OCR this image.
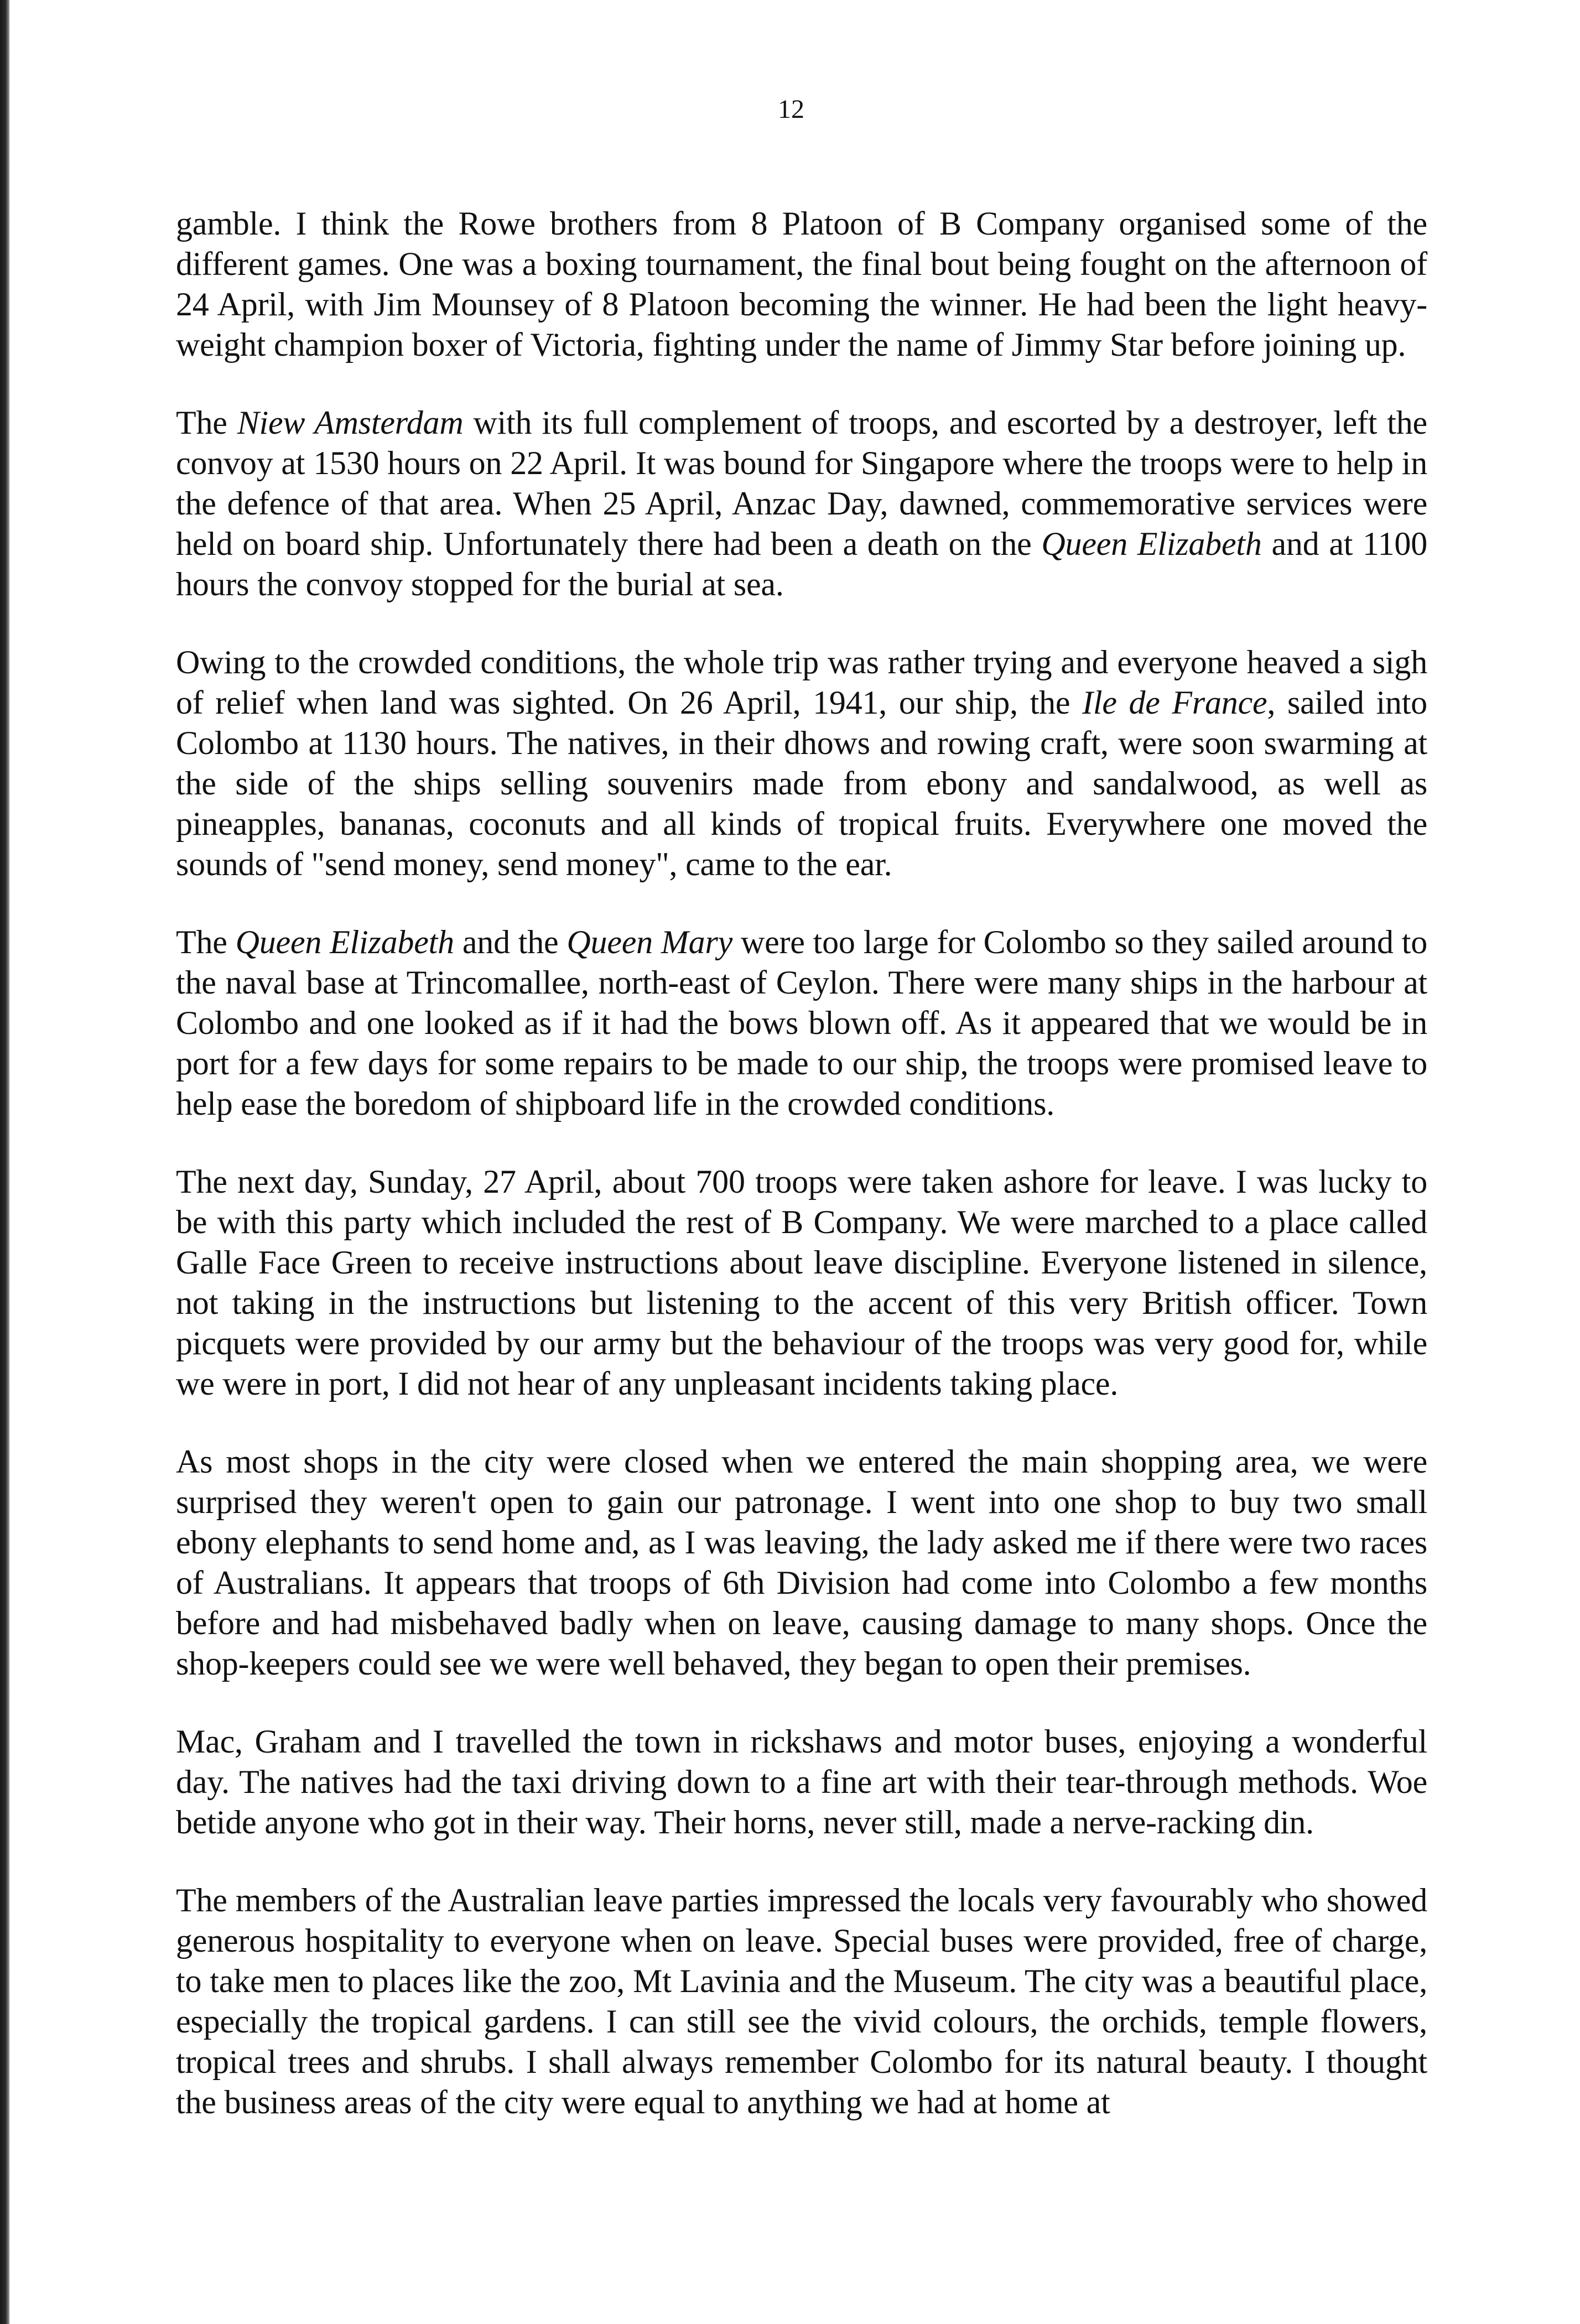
12

gamble. I think the Rowe brothers from 8 Platoon of B Company organised some of the different games. One was a boxing tournament, the final bout being fought on the afternoon of 24 April, with Jim Mounsey of 8 Platoon becoming the winner. He had been the light heavy-weight champion boxer of Victoria, fighting under the name of Jimmy Star before joining up.

The Niew Amsterdam with its full complement of troops, and escorted by a destroyer, left the convoy at 1530 hours on 22 April. It was bound for Singapore where the troops were to help in the defence of that area. When 25 April, Anzac Day, dawned, commemorative services were held on board ship. Unfortunately there had been a death on the Queen Elizabeth and at 1100 hours the convoy stopped for the burial at sea.

Owing to the crowded conditions, the whole trip was rather trying and everyone heaved a sigh of relief when land was sighted. On 26 April, 1941, our ship, the Ile de France, sailed into Colombo at 1130 hours. The natives, in their dhows and rowing craft, were soon swarming at the side of the ships selling souvenirs made from ebony and sandalwood, as well as pineapples, bananas, coconuts and all kinds of tropical fruits. Everywhere one moved the sounds of "send money, send money", came to the ear.

The Queen Elizabeth and the Queen Mary were too large for Colombo so they sailed around to the naval base at Trincomallee, north-east of Ceylon. There were many ships in the harbour at Colombo and one looked as if it had the bows blown off. As it appeared that we would be in port for a few days for some repairs to be made to our ship, the troops were promised leave to help ease the boredom of shipboard life in the crowded conditions.

The next day, Sunday, 27 April, about 700 troops were taken ashore for leave. I was lucky to be with this party which included the rest of B Company. We were marched to a place called Galle Face Green to receive instructions about leave discipline. Everyone listened in silence, not taking in the instructions but listening to the accent of this very British officer. Town picquets were provided by our army but the behaviour of the troops was very good for, while we were in port, I did not hear of any unpleasant incidents taking place.

As most shops in the city were closed when we entered the main shopping area, we were surprised they weren't open to gain our patronage. I went into one shop to buy two small ebony elephants to send home and, as I was leaving, the lady asked me if there were two races of Australians. It appears that troops of 6th Division had come into Colombo a few months before and had misbehaved badly when on leave, causing damage to many shops. Once the shop-keepers could see we were well behaved, they began to open their premises.

Mac, Graham and I travelled the town in rickshaws and motor buses, enjoying a wonderful day. The natives had the taxi driving down to a fine art with their tear-through methods. Woe betide anyone who got in their way. Their horns, never still, made a nerve-racking din.

The members of the Australian leave parties impressed the locals very favourably who showed generous hospitality to everyone when on leave. Special buses were provided, free of charge, to take men to places like the zoo, Mt Lavinia and the Museum. The city was a beautiful place, especially the tropical gardens. I can still see the vivid colours, the orchids, temple flowers, tropical trees and shrubs. I shall always remember Colombo for its natural beauty. I thought the business areas of the city were equal to anything we had at home at
